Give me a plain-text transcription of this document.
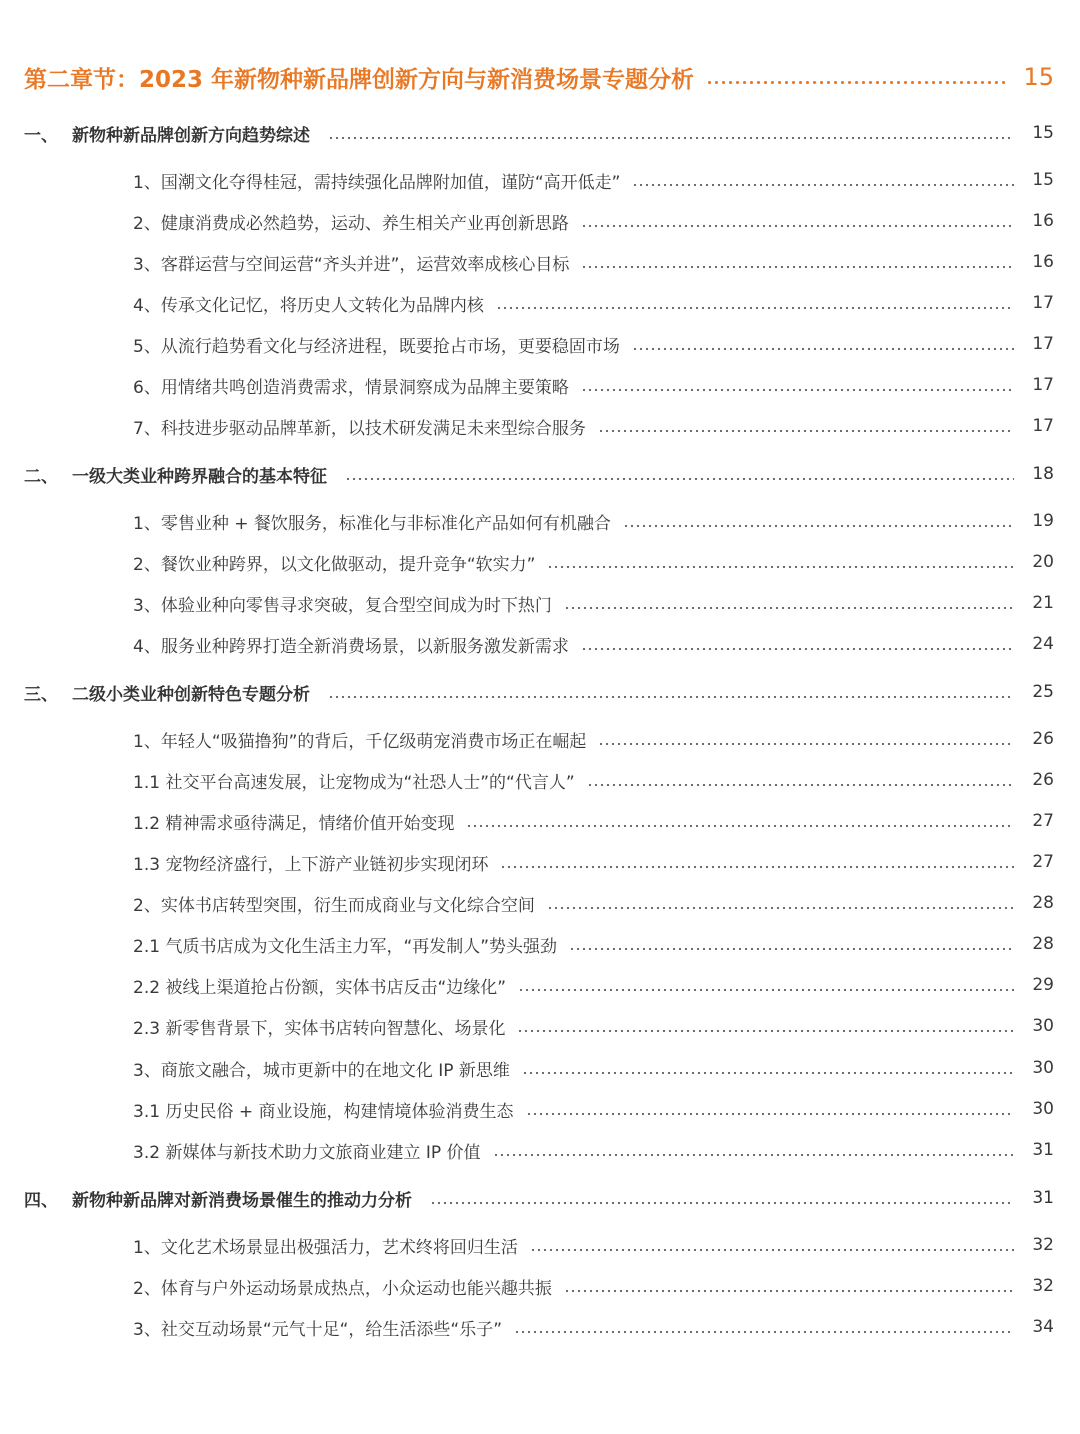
第二章节：2023 年新物种新品牌创新方向与新消费场景专题分析	15
一、 新物种新品牌创新方向趋势综述	15
1、国潮文化夺得桂冠，需持续强化品牌附加值，谨防“高开低走”	15
2、健康消费成必然趋势，运动、养生相关产业再创新思路	16
3、客群运营与空间运营“齐头并进”，运营效率成核心目标	16
4、传承文化记忆，将历史人文转化为品牌内核	17
5、从流行趋势看文化与经济进程，既要抢占市场，更要稳固市场	17
6、用情绪共鸣创造消费需求，情景洞察成为品牌主要策略	17
7、科技进步驱动品牌革新，以技术研发满足未来型综合服务	17
二、 一级大类业种跨界融合的基本特征	18
1、零售业种 + 餐饮服务，标准化与非标准化产品如何有机融合	19
2、餐饮业种跨界，以文化做驱动，提升竞争“软实力”	20
3、体验业种向零售寻求突破，复合型空间成为时下热门	21
4、服务业种跨界打造全新消费场景，以新服务激发新需求	24
三、 二级小类业种创新特色专题分析	25
1、年轻人“吸猫撸狗”的背后，千亿级萌宠消费市场正在崛起	26
1.1 社交平台高速发展，让宠物成为“社恐人士”的“代言人”	26
1.2 精神需求亟待满足，情绪价值开始变现	27
1.3 宠物经济盛行，上下游产业链初步实现闭环	27
2、实体书店转型突围，衍生而成商业与文化综合空间	28
2.1 气质书店成为文化生活主力军，“再发制人”势头强劲	28
2.2 被线上渠道抢占份额，实体书店反击“边缘化”	29
2.3 新零售背景下，实体书店转向智慧化、场景化	30
3、商旅文融合，城市更新中的在地文化 IP 新思维	30
3.1 历史民俗 + 商业设施，构建情境体验消费生态	30
3.2 新媒体与新技术助力文旅商业建立 IP 价值	31
四、 新物种新品牌对新消费场景催生的推动力分析	31
1、文化艺术场景显出极强活力，艺术终将回归生活	32
2、体育与户外运动场景成热点，小众运动也能兴趣共振	32
3、社交互动场景“元气十足“，给生活添些“乐子”	34
